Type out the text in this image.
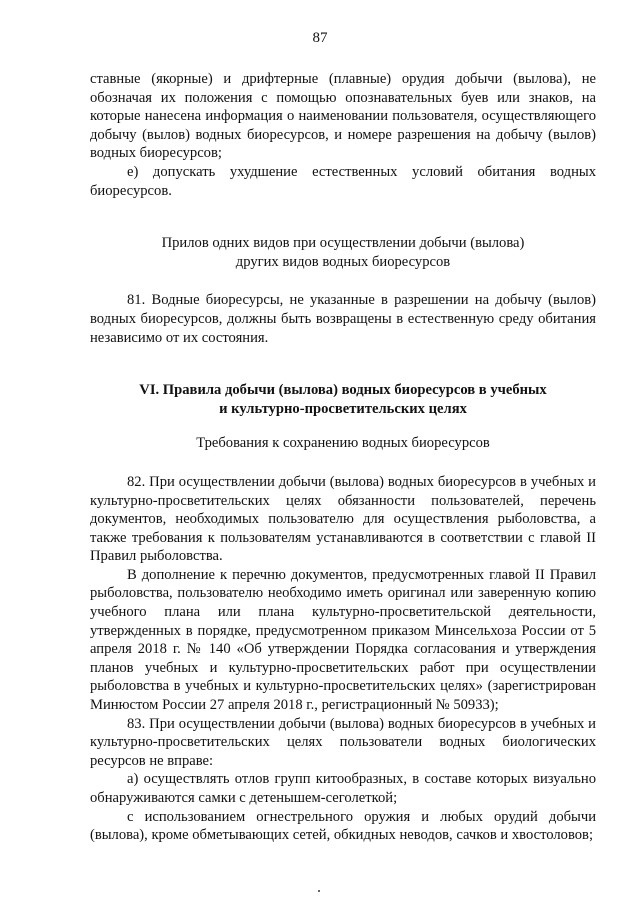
87

ставные (якорные) и дрифтерные (плавные) орудия добычи (вылова), не обозначая их положения с помощью опознавательных буев или знаков, на которые нанесена информация о наименовании пользователя, осуществляющего добычу (вылов) водных биоресурсов, и номере разрешения на добычу (вылов) водных биоресурсов;

е) допускать ухудшение естественных условий обитания водных биоресурсов.

Прилов одних видов при осуществлении добычи (вылова)

других видов водных биоресурсов

81. Водные биоресурсы, не указанные в разрешении на добычу (вылов) водных биоресурсов, должны быть возвращены в естественную среду обитания независимо от их состояния.

VI. Правила добычи (вылова) водных биоресурсов в учебных

и культурно-просветительских целях

Требования к сохранению водных биоресурсов

82. При осуществлении добычи (вылова) водных биоресурсов в учебных и культурно-просветительских целях обязанности пользователей, перечень документов, необходимых пользователю для осуществления рыболовства, а также требования к пользователям устанавливаются в соответствии с главой II Правил рыболовства.

В дополнение к перечню документов, предусмотренных главой II Правил рыболовства, пользователю необходимо иметь оригинал или заверенную копию учебного плана или плана культурно-просветительской деятельности, утвержденных в порядке, предусмотренном приказом Минсельхоза России от 5 апреля 2018 г. № 140 «Об утверждении Порядка согласования и утверждения планов учебных и культурно-просветительских работ при осуществлении рыболовства в учебных и культурно-просветительских целях» (зарегистрирован Минюстом России 27 апреля 2018 г., регистрационный № 50933);

83. При осуществлении добычи (вылова) водных биоресурсов в учебных и культурно-просветительских целях пользователи водных биологических ресурсов не вправе:

а) осуществлять отлов групп китообразных, в составе которых визуально обнаруживаются самки с детенышем-сеголеткой;

с использованием огнестрельного оружия и любых орудий добычи (вылова), кроме обметывающих сетей, обкидных неводов, сачков и хвостоловов;
